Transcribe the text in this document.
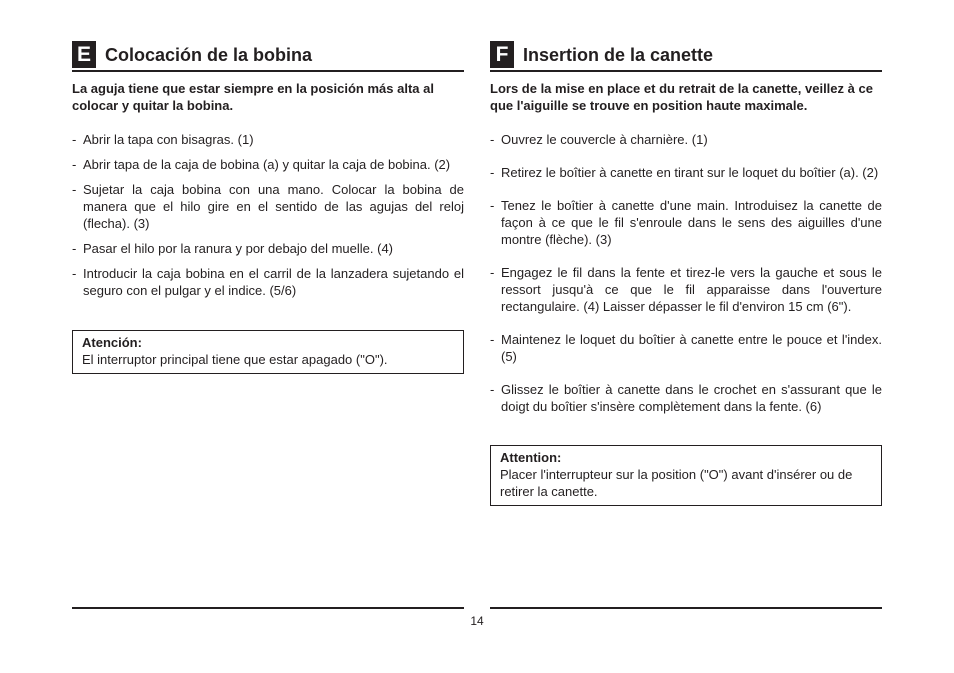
E Colocación de la bobina
La aguja tiene que estar siempre en la posición más alta al colocar y quitar la bobina.
- Abrir la tapa con bisagras. (1)
- Abrir tapa de la caja de bobina (a) y quitar la caja de bobina. (2)
- Sujetar la caja bobina con una mano. Colocar la bobina de manera que el hilo gire en el sentido de las agujas del reloj (flecha). (3)
- Pasar el hilo por la ranura y por debajo del muelle. (4)
- Introducir la caja bobina en el carril de la lanzadera sujetando el seguro con el pulgar y el indice. (5/6)
Atención:
El interruptor principal tiene que estar apagado ("O").
F Insertion de la canette
Lors de la mise en place et du retrait de la canette, veillez à ce que l'aiguille se trouve en position haute maximale.
- Ouvrez le couvercle à charnière. (1)
- Retirez le boîtier à canette en tirant sur le loquet du boîtier (a). (2)
- Tenez le boîtier à canette d'une main. Introduisez la canette de façon à ce que le fil s'enroule dans le sens des aiguilles d'une montre (flèche). (3)
- Engagez le fil dans la fente et tirez-le vers la gauche et sous le ressort jusqu'à ce que le fil apparaisse dans l'ouverture rectangulaire. (4) Laisser dépasser le fil d'environ 15 cm (6").
- Maintenez le loquet du boîtier à canette entre le pouce et l'index. (5)
- Glissez le boîtier à canette dans le crochet en s'assurant que le doigt du boîtier s'insère complètement dans la fente. (6)
Attention:
Placer l'interrupteur sur la position ("O") avant d'insérer ou de retirer la canette.
14
